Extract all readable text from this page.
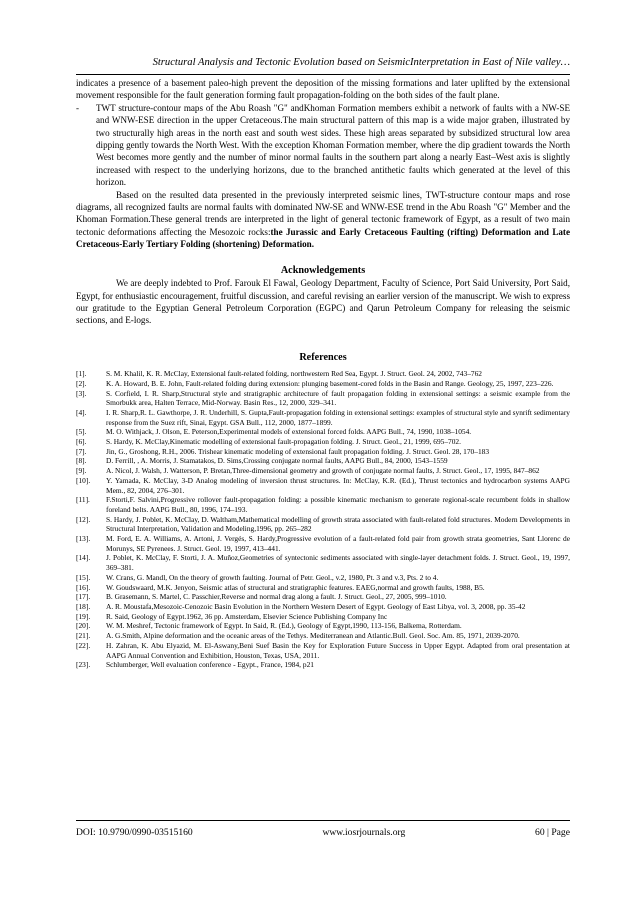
Structural Analysis and Tectonic Evolution based on SeismicInterpretation in East of Nile valley…

indicates a presence of a basement paleo-high prevent the deposition of the missing formations and later uplifted by the extensional movement responsible for the fault generation forming fault propagation-folding on the both sides of the fault plane.

-	TWT structure-contour maps of the Abu Roash "G" andKhoman Formation members exhibit a network of faults with a NW-SE and WNW-ESE direction in the upper Cretaceous.The main structural pattern of this map is a wide major graben, illustrated by two structurally high areas in the north east and south west sides. These high areas separated by subsidized structural low area dipping gently towards the North West. With the exception Khoman Formation member, where the dip gradient towards the North West becomes more gently and the number of minor normal faults in the southern part along a nearly East–West axis is slightly increased with respect to the underlying horizons, due to the branched antithetic faults which generated at the level of this horizon.

Based on the resulted data presented in the previously interpreted seismic lines, TWT-structure contour maps and rose diagrams, all recognized faults are normal faults with dominated NW-SE and WNW-ESE trend in the Abu Roash "G" Member and the Khoman Formation.These general trends are interpreted in the light of general tectonic framework of Egypt, as a result of two main tectonic deformations affecting the Mesozoic rocks:the Jurassic and Early Cretaceous Faulting (rifting) Deformation and Late Cretaceous-Early Tertiary Folding (shortening) Deformation.

Acknowledgements

We are deeply indebted to Prof. Farouk El Fawal, Geology Department, Faculty of Science, Port Said University, Port Said, Egypt, for enthusiastic encouragement, fruitful discussion, and careful revising an earlier version of the manuscript. We wish to express our gratitude to the Egyptian General Petroleum Corporation (EGPC) and Qarun Petroleum Company for releasing the seismic sections, and E-logs.

References

[1].	S. M. Khalil, K. R. McClay, Extensional fault-related folding, northwestern Red Sea, Egypt. J. Struct. Geol. 24, 2002, 743–762
[2].	K. A. Howard, B. E. John, Fault-related folding during extension: plunging basement-cored folds in the Basin and Range. Geology, 25, 1997, 223–226.
[3].	S. Corfield, I. R. Sharp,Structural style and stratigraphic architecture of fault propagation folding in extensional settings: a seismic example from the Smorbukk area, Halten Terrace, Mid-Norway. Basin Res., 12, 2000, 329–341.
[4].	I. R. Sharp,R. L. Gawthorpe, J. R. Underhill, S. Gupta,Fault-propagation folding in extensional settings: examples of structural style and synrift sedimentary response from the Suez rift, Sinai, Egypt. GSA Bull., 112, 2000, 1877–1899.
[5].	M. O. Withjack, J. Olson, E. Peterson,Experimental models of extensional forced folds. AAPG Bull., 74, 1990, 1038–1054.
[6].	S. Hardy, K. McClay,Kinematic modelling of extensional fault-propagation folding. J. Struct. Geol., 21, 1999, 695–702.
[7].	Jin, G., Groshong, R.H., 2006. Trishear kinematic modeling of extensional fault propagation folding. J. Struct. Geol. 28, 170–183
[8].	D. Ferrill, , A. Morris, J. Stamatakos, D. Sims,Crossing conjugate normal faults, AAPG Bull., 84, 2000, 1543–1559
[9].	A. Nicol, J. Walsh, J. Watterson, P. Bretan,Three-dimensional geometry and growth of conjugate normal faults, J. Struct. Geol., 17, 1995, 847–862
[10].	Y. Yamada, K. McClay, 3-D Analog modeling of inversion thrust structures. In: McClay, K.R. (Ed.), Thrust tectonics and hydrocarbon systems AAPG Mem., 82, 2004, 276–301.
[11].	F.Storti,F. Salvini,Progressive rollover fault-propagation folding: a possible kinematic mechanism to generate regional-scale recumbent folds in shallow foreland belts. AAPG Bull., 80, 1996, 174–193.
[12].	S. Hardy, J. Poblet, K. McClay, D. Waltham,Mathematical modelling of growth strata associated with fault-related fold structures. Modern Developments in Structural Interpretation, Validation and Modeling,1996, pp. 265–282
[13].	M. Ford, E. A. Williams, A. Artoni, J. Vergés, S. Hardy,Progressive evolution of a fault-related fold pair from growth strata geometries, Sant Llorenc de Morunys, SE Pyrenees. J. Struct. Geol. 19, 1997, 413–441.
[14].	J. Poblet, K. McClay, F. Storti, J. A. Muñoz,Geometries of syntectonic sediments associated with single-layer detachment folds. J. Struct. Geol., 19, 1997, 369–381.
[15].	W. Crans, G. Mandl, On the theory of growth faulting. Journal of Petr. Geol., v.2, 1980, Pt. 3 and v.3, Pts. 2 to 4.
[16].	W. Goudswaard, M.K. Jenyon, Seismic atlas of structural and stratigraphic features. EAEG,normal and growth faults, 1988, B5.
[17].	B. Grasemann, S. Martel, C. Passchier,Reverse and normal drag along a fault. J. Struct. Geol., 27, 2005, 999–1010.
[18].	A. R. Moustafa,Mesozoic-Cenozoic Basin Evolution in the Northern Western Desert of Egypt. Geology of East Libya, vol. 3, 2008, pp. 35-42
[19].	R. Said, Geology of Egypt.1962, 36 pp. Amsterdam, Elsevier Science Publishing Company Inc
[20].	W. M. Meshref, Tectonic framework of Egypt. In Said, R. (Ed.), Geology of Egypt,1990, 113-156, Balkema, Rotterdam.
[21].	A. G.Smith, Alpine deformation and the oceanic areas of the Tethys. Mediterranean and Atlantic.Bull. Geol. Soc. Am. 85, 1971, 2039-2070.
[22].	H. Zahran, K. Abu Elyazid, M. El-Aswany,Beni Suef Basin the Key for Exploration Future Success in Upper Egypt. Adapted from oral presentation at AAPG Annual Convention and Exhibition, Houston, Texas, USA, 2011.
[23].	Schlumberger, Well evaluation conference - Egypt., France, 1984, p21
DOI: 10.9790/0990-03515160	www.iosrjournals.org	60 | Page
